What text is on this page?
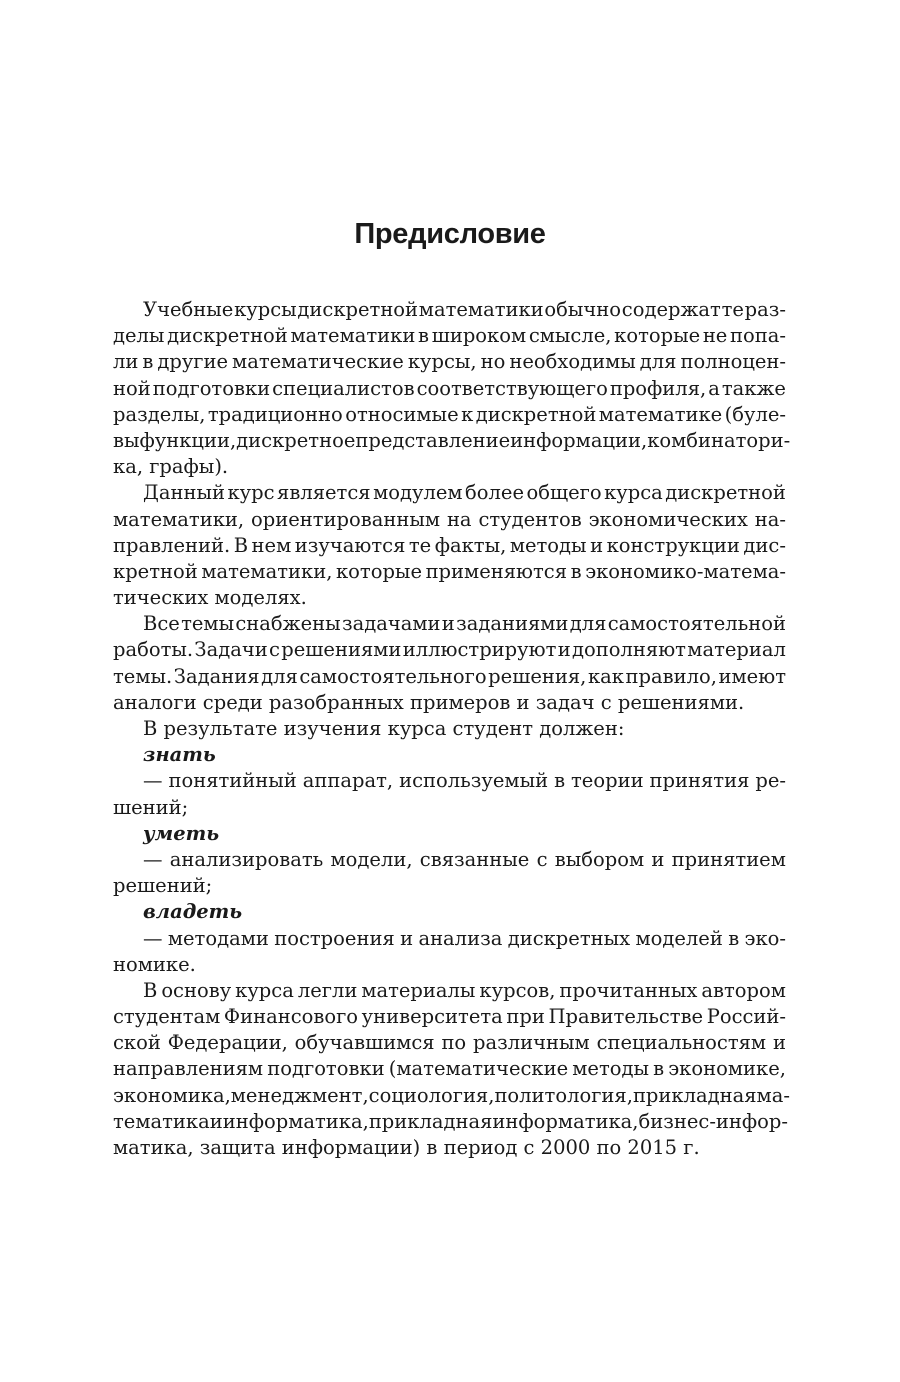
Предисловие
Учебные курсы дискретной математики обычно содержат те раз-
делы дискретной математики в широком смысле, которые не попа-
ли в другие математические курсы, но необходимы для полноцен-
ной подготовки специалистов соответствующего профиля, а также
разделы, традиционно относимые к дискретной математике (буле-
вы функции, дискретное представление информации, комбинатори-
ка, графы).
Данный курс является модулем более общего курса дискретной
математики, ориентированным на студентов экономических на-
правлений. В нем изучаются те факты, методы и конструкции дис-
кретной математики, которые применяются в экономико-матема-
тических моделях.
Все темы снабжены задачами и заданиями для самостоятельной
работы. Задачи с решениями иллюстрируют и дополняют материал
темы. Задания для самостоятельного решения, как правило, имеют
аналоги среди разобранных примеров и задач с решениями.
В результате изучения курса студент должен:
знать
— понятийный аппарат, используемый в теории принятия ре-
шений;
уметь
— анализировать модели, связанные с выбором и принятием
решений;
владеть
— методами построения и анализа дискретных моделей в эко-
номике.
В основу курса легли материалы курсов, прочитанных автором
студентам Финансового университета при Правительстве Россий-
ской Федерации, обучавшимся по различным специальностям и
направлениям подготовки (математические методы в экономике,
экономика, менеджмент, социология, политология, прикладная ма-
тематика и информатика, прикладная информатика, бизнес-инфор-
матика, защита информации) в период с 2000 по 2015 г.
